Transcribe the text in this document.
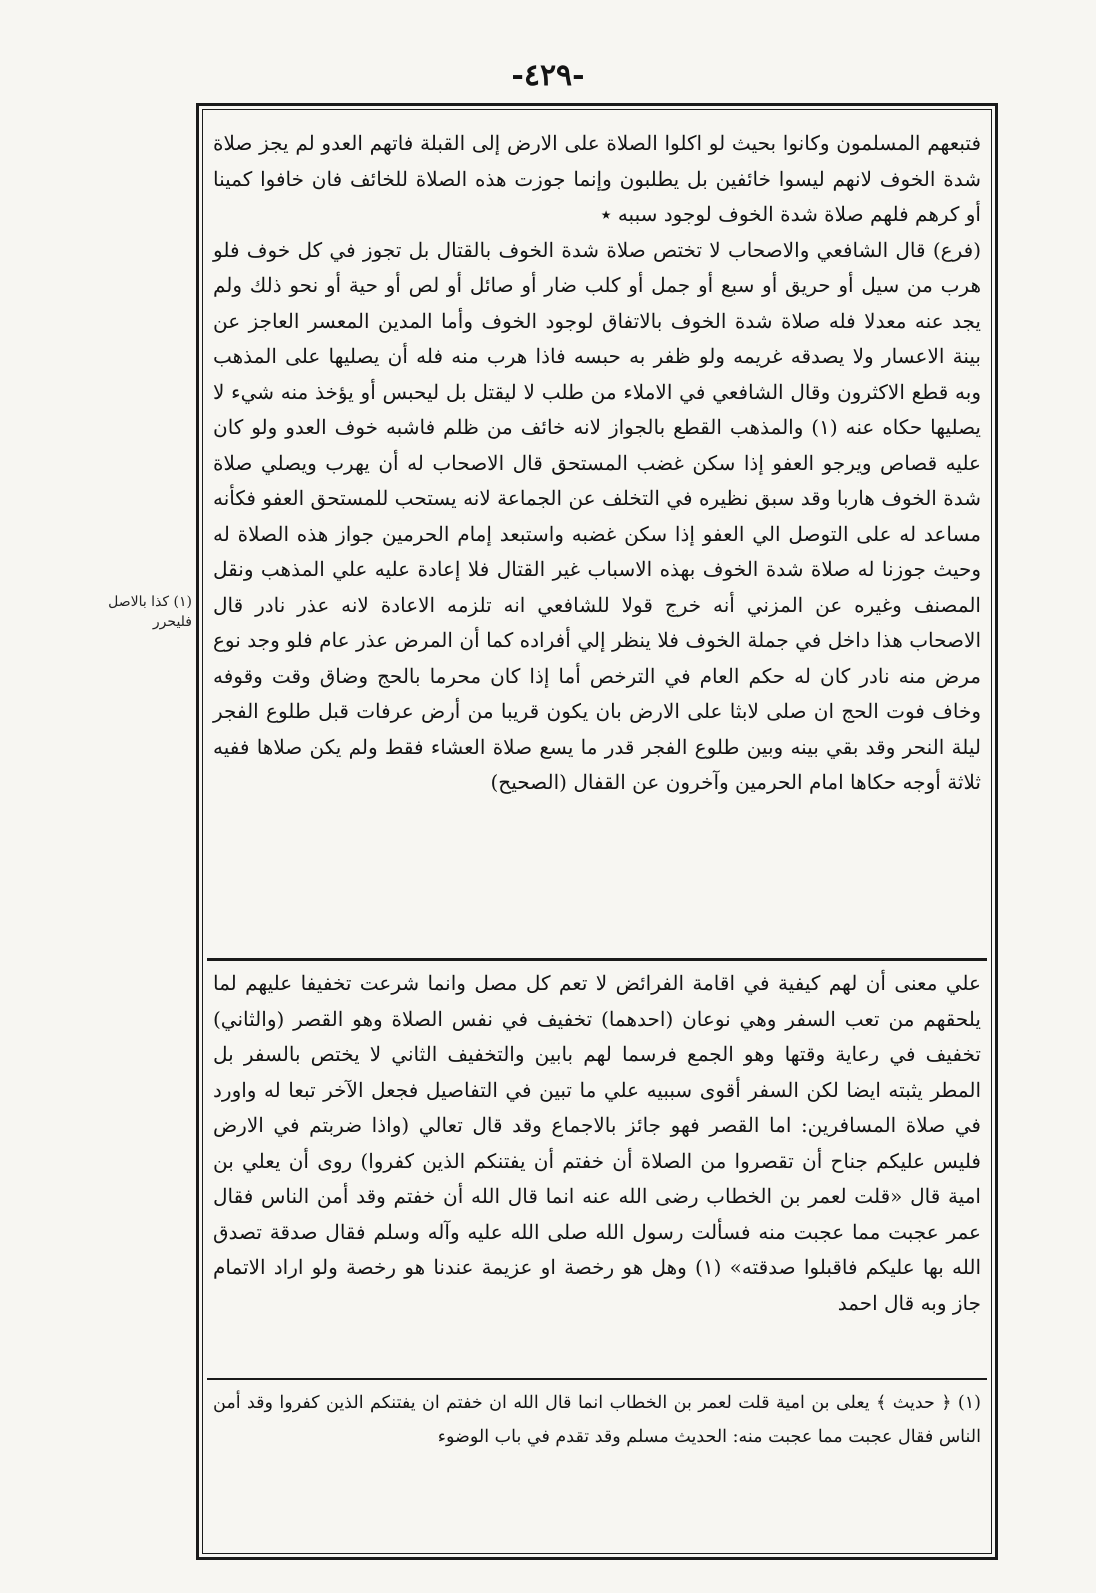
-٤٢٩-
(١) كذا بالاصل
فليحرر

فتبعهم المسلمون وكانوا بحيث لو اكلوا الصلاة على الارض إلى القبلة فاتهم العدو لم يجز صلاة شدة الخوف لانهم ليسوا خائفين بل يطلبون وإنما جوزت هذه الصلاة للخائف فان خافوا كمينا أو كرهم فلهم صلاة شدة الخوف لوجود سببه ٭

(فرع) قال الشافعي والاصحاب لا تختص صلاة شدة الخوف بالقتال بل تجوز في كل خوف فلو هرب من سيل أو حريق أو سبع أو جمل أو كلب ضار أو صائل أو لص أو حية أو نحو ذلك ولم يجد عنه معدلا فله صلاة شدة الخوف بالاتفاق لوجود الخوف وأما المدين المعسر العاجز عن بينة الاعسار ولا يصدقه غريمه ولو ظفر به حبسه فاذا هرب منه فله أن يصليها على المذهب وبه قطع الاكثرون وقال الشافعي في الاملاء من طلب لا ليقتل بل ليحبس أو يؤخذ منه شيء لا يصليها حكاه عنه (١) والمذهب القطع بالجواز لانه خائف من ظلم فاشبه خوف العدو ولو كان عليه قصاص ويرجو العفو إذا سكن غضب المستحق قال الاصحاب له أن يهرب ويصلي صلاة شدة الخوف هاربا وقد سبق نظيره في التخلف عن الجماعة لانه يستحب للمستحق العفو فكأنه مساعد له على التوصل الي العفو إذا سكن غضبه واستبعد إمام الحرمين جواز هذه الصلاة له وحيث جوزنا له صلاة شدة الخوف بهذه الاسباب غير القتال فلا إعادة عليه علي المذهب ونقل المصنف وغيره عن المزني أنه خرج قولا للشافعي انه تلزمه الاعادة لانه عذر نادر قال الاصحاب هذا داخل في جملة الخوف فلا ينظر إلي أفراده كما أن المرض عذر عام فلو وجد نوع مرض منه نادر كان له حكم العام في الترخص أما إذا كان محرما بالحج وضاق وقت وقوفه وخاف فوت الحج ان صلى لابثا على الارض بان يكون قريبا من أرض عرفات قبل طلوع الفجر ليلة النحر وقد بقي بينه وبين طلوع الفجر قدر ما يسع صلاة العشاء فقط ولم يكن صلاها ففيه ثلاثة أوجه حكاها امام الحرمين وآخرون عن القفال (الصحيح)

علي معنى أن لهم كيفية في اقامة الفرائض لا تعم كل مصل وانما شرعت تخفيفا عليهم لما يلحقهم من تعب السفر وهي نوعان (احدهما) تخفيف في نفس الصلاة وهو القصر (والثاني) تخفيف في رعاية وقتها وهو الجمع فرسما لهم بابين والتخفيف الثاني لا يختص بالسفر بل المطر يثبته ايضا لكن السفر أقوى سببيه علي ما تبين في التفاصيل فجعل الآخر تبعا له واورد في صلاة المسافرين: اما القصر فهو جائز بالاجماع وقد قال تعالي (واذا ضربتم في الارض فليس عليكم جناح أن تقصروا من الصلاة أن خفتم أن يفتنكم الذين كفروا) روى أن يعلي بن امية قال «قلت لعمر بن الخطاب رضى الله عنه انما قال الله أن خفتم وقد أمن الناس فقال عمر عجبت مما عجبت منه فسألت رسول الله صلى الله عليه وآله وسلم فقال صدقة تصدق الله بها عليكم فاقبلوا صدقته» (١) وهل هو رخصة او عزيمة عندنا هو رخصة ولو اراد الاتمام جاز وبه قال احمد

(١) ﴿ حديث ﴾ يعلى بن امية قلت لعمر بن الخطاب انما قال الله ان خفتم ان يفتنكم الذين كفروا وقد أمن الناس فقال عجبت مما عجبت منه: الحديث مسلم وقد تقدم في باب الوضوء
